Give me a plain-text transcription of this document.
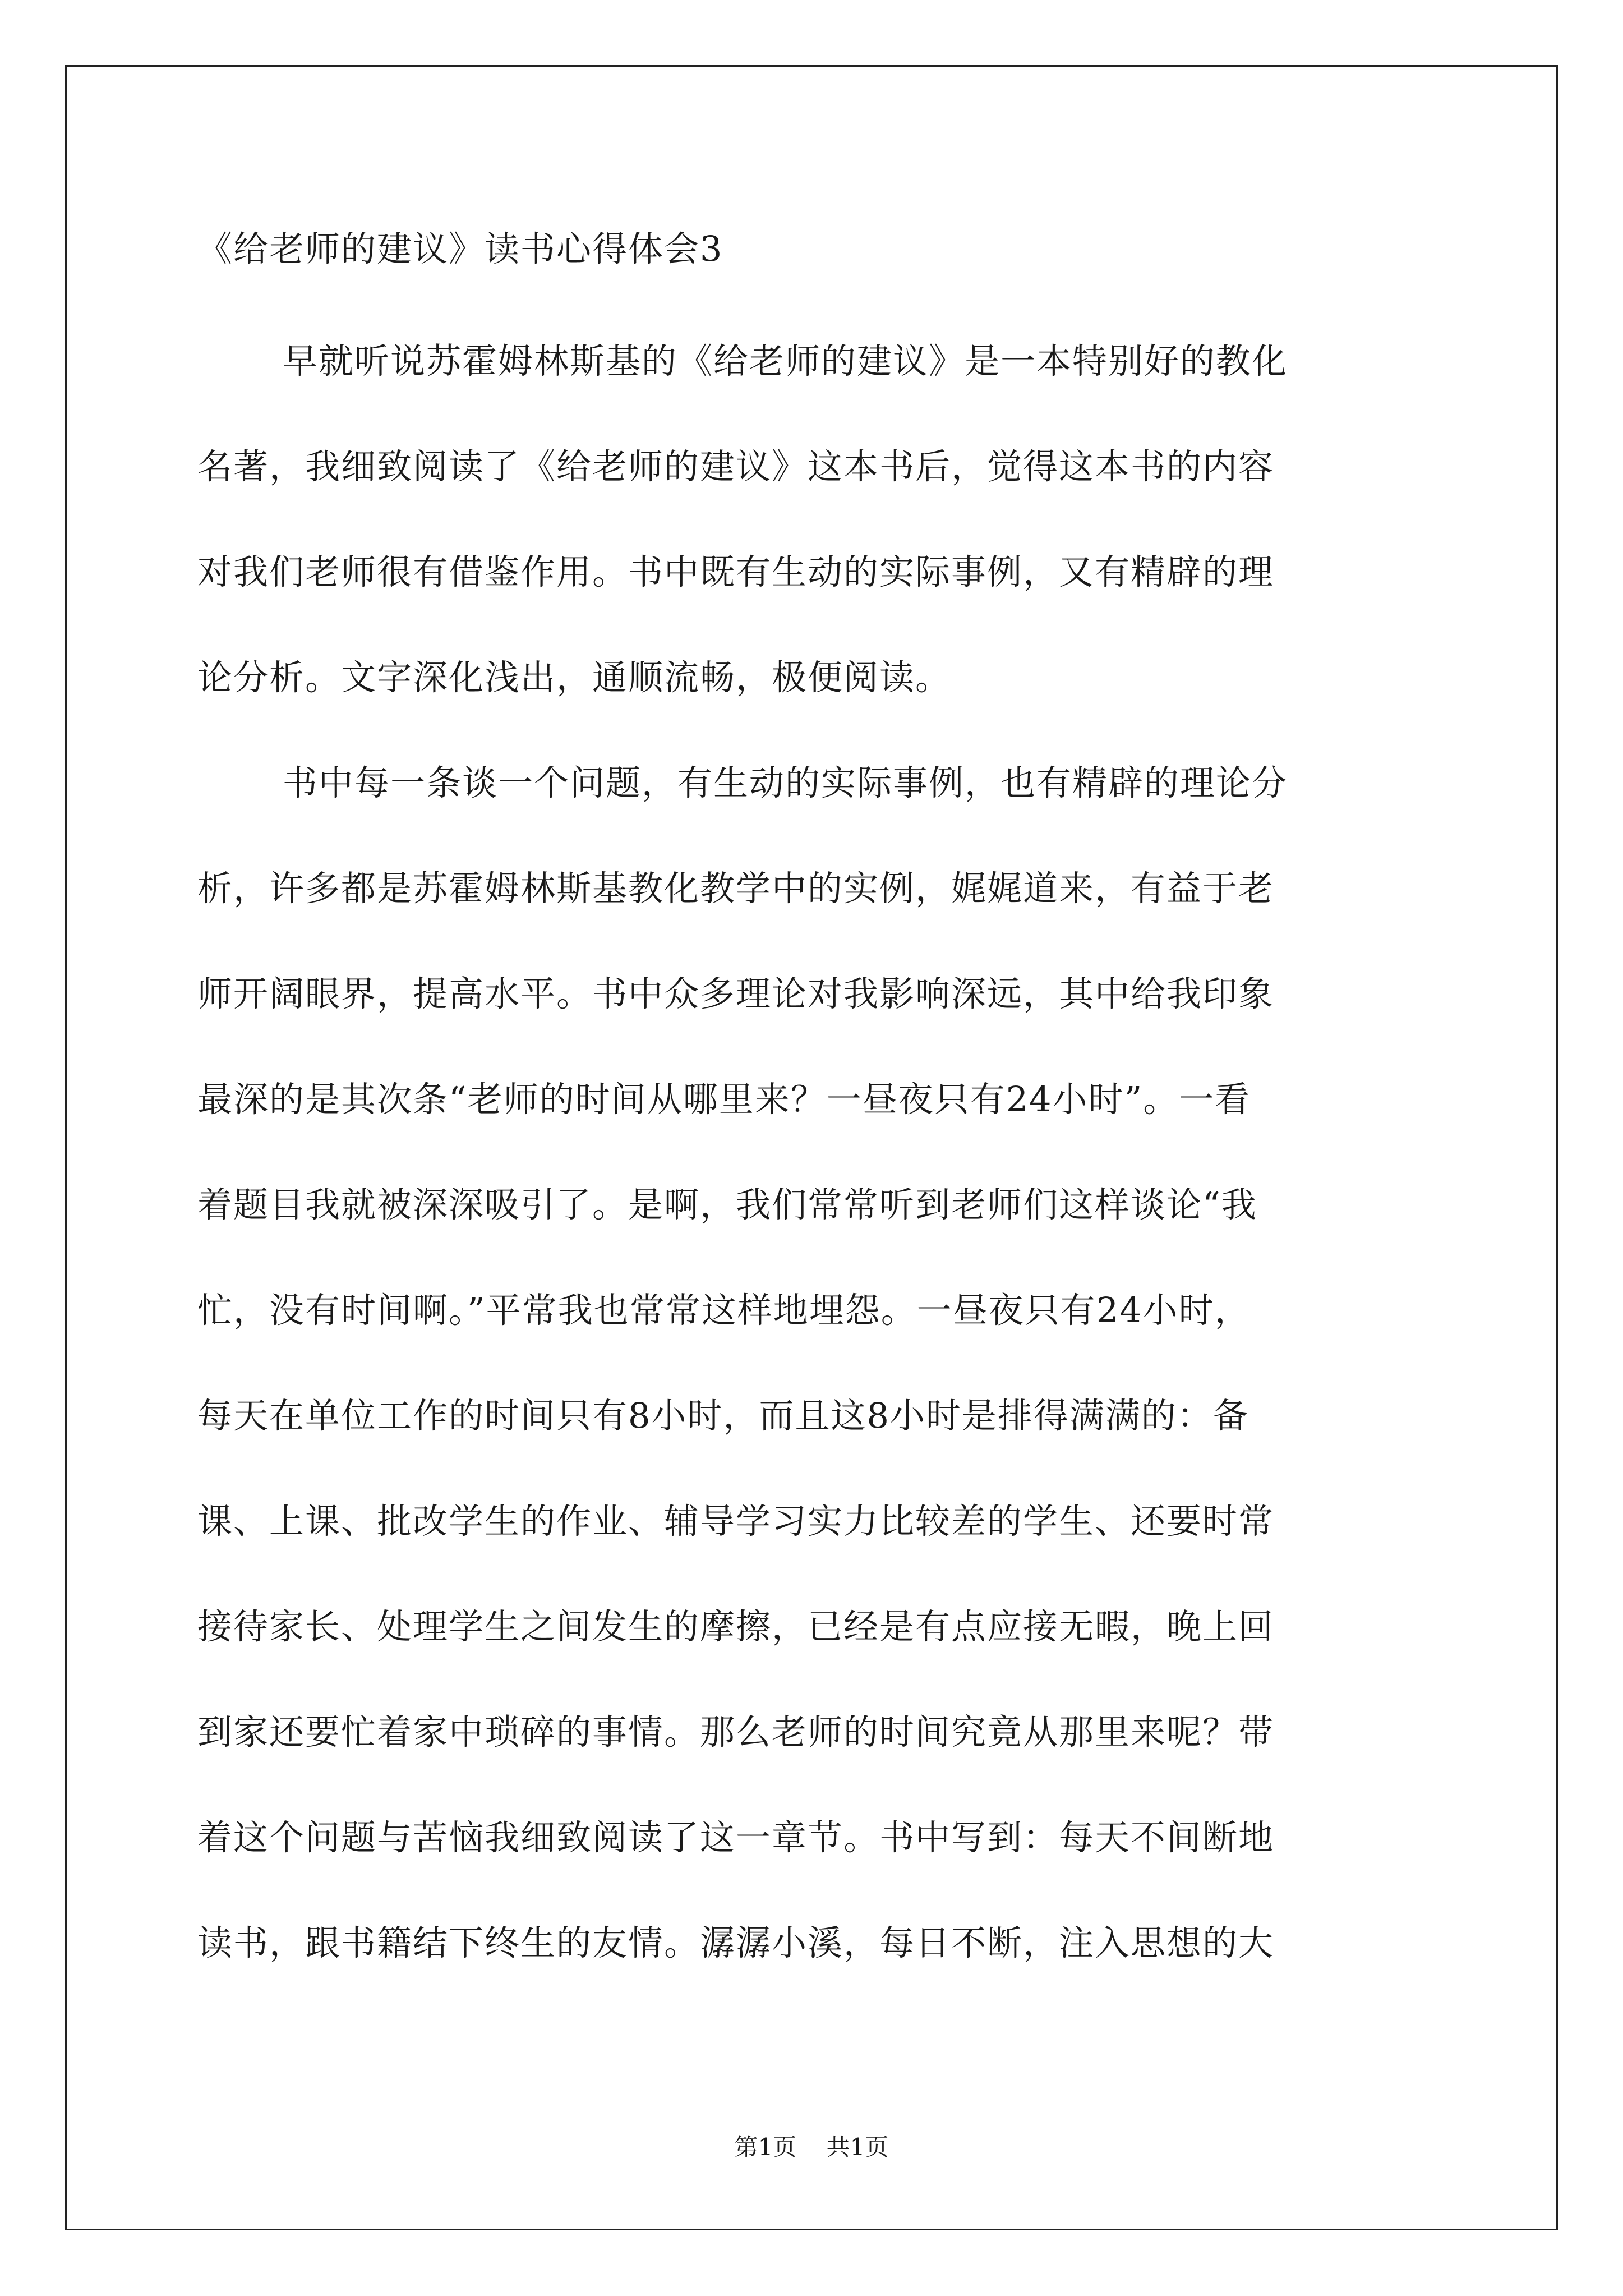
《给老师的建议》读书心得体会3
早就听说苏霍姆林斯基的《给老师的建议》是一本特别好的教化
名著，我细致阅读了《给老师的建议》这本书后，觉得这本书的内容
对我们老师很有借鉴作用。书中既有生动的实际事例，又有精辟的理
论分析。文字深化浅出，通顺流畅，极便阅读。
书中每一条谈一个问题，有生动的实际事例，也有精辟的理论分
析，许多都是苏霍姆林斯基教化教学中的实例，娓娓道来，有益于老
师开阔眼界，提高水平。书中众多理论对我影响深远，其中给我印象
最深的是其次条“老师的时间从哪里来？一昼夜只有24小时”。一看
着题目我就被深深吸引了。是啊，我们常常听到老师们这样谈论“我
忙，没有时间啊。”平常我也常常这样地埋怨。一昼夜只有24小时，
每天在单位工作的时间只有8小时，而且这8小时是排得满满的：备
课、上课、批改学生的作业、辅导学习实力比较差的学生、还要时常
接待家长、处理学生之间发生的摩擦，已经是有点应接无暇，晚上回
到家还要忙着家中琐碎的事情。那么老师的时间究竟从那里来呢？带
着这个问题与苦恼我细致阅读了这一章节。书中写到：每天不间断地
读书，跟书籍结下终生的友情。潺潺小溪，每日不断，注入思想的大
第1页 共1页
